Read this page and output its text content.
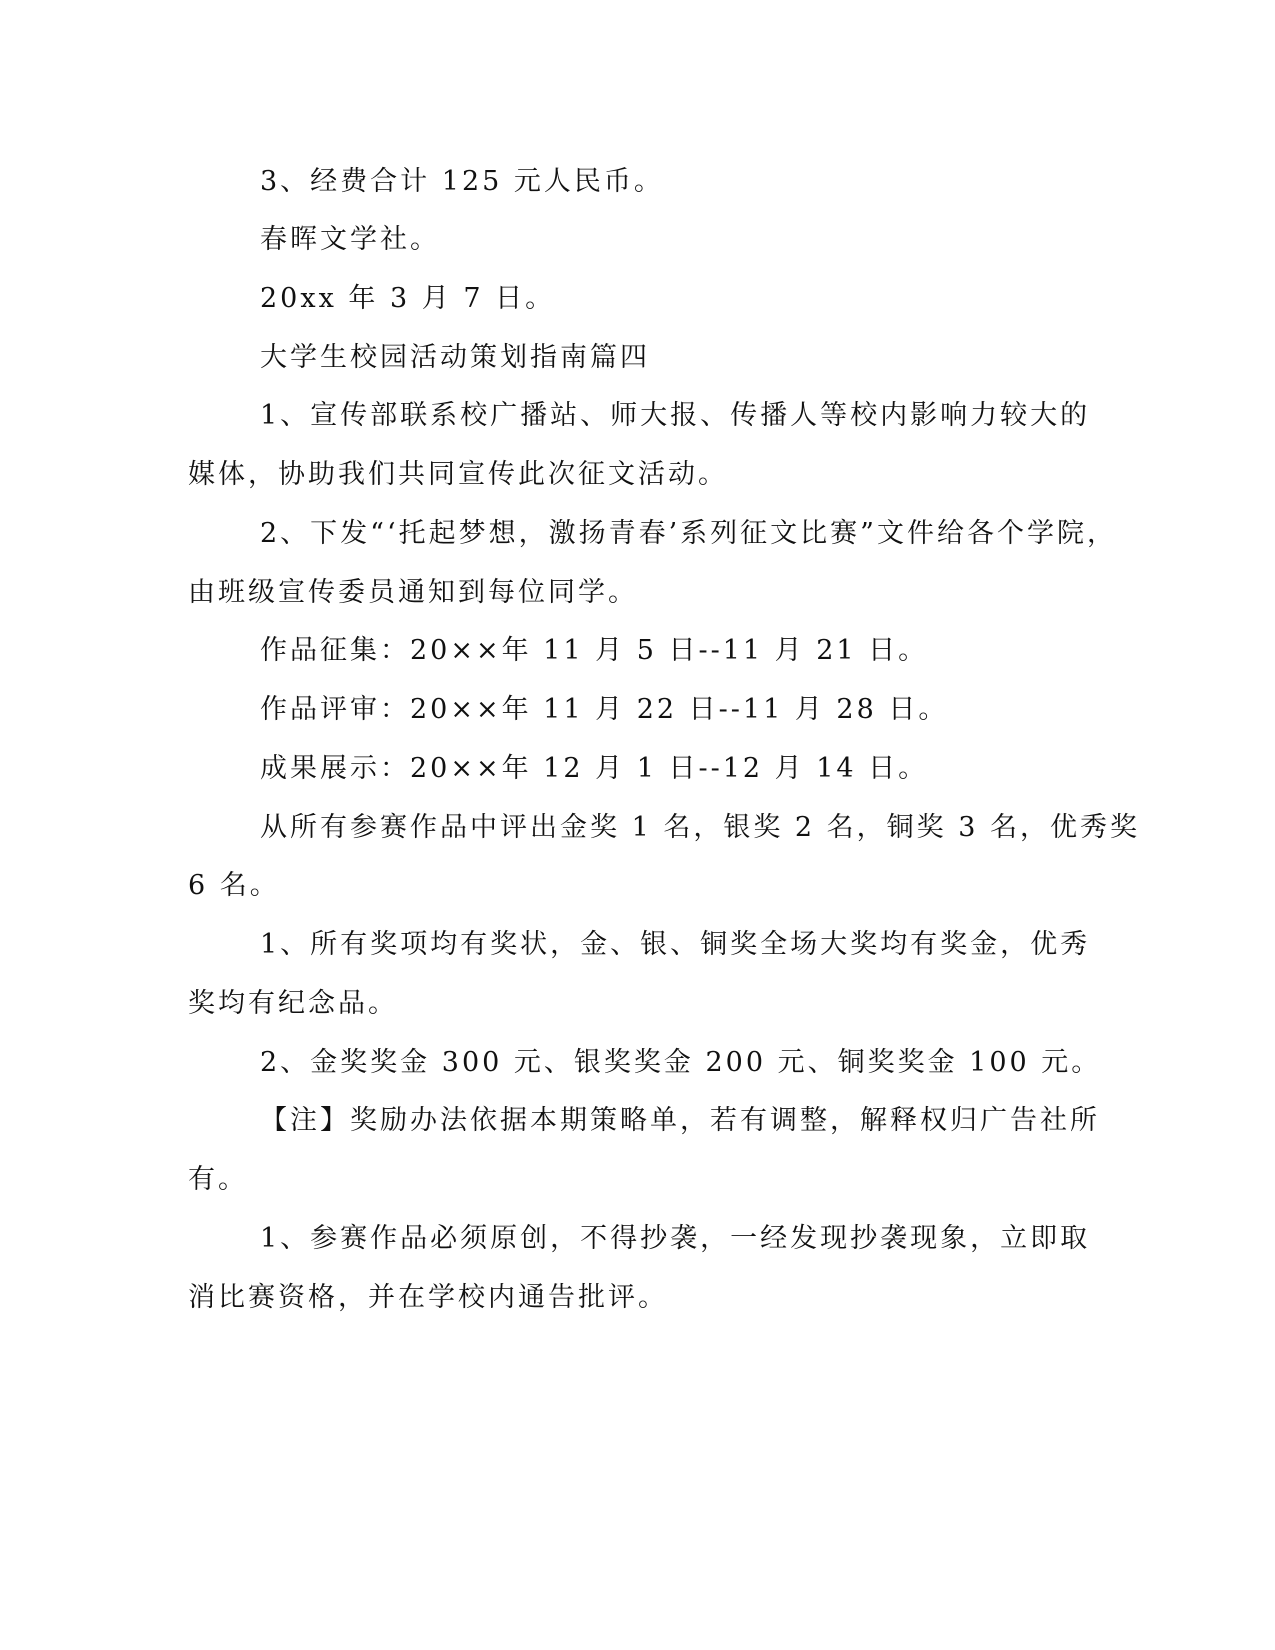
3、经费合计 125 元人民币。
春晖文学社。
20xx 年 3 月 7 日。
大学生校园活动策划指南篇四
1、宣传部联系校广播站、师大报、传播人等校内影响力较大的
媒体，协助我们共同宣传此次征文活动。
2、下发“‘托起梦想，激扬青春’系列征文比赛”文件给各个学院，
由班级宣传委员通知到每位同学。
作品征集：20××年 11 月 5 日--11 月 21 日。
作品评审：20××年 11 月 22 日--11 月 28 日。
成果展示：20××年 12 月 1 日--12 月 14 日。
从所有参赛作品中评出金奖 1 名，银奖 2 名，铜奖 3 名，优秀奖
6 名。
1、所有奖项均有奖状，金、银、铜奖全场大奖均有奖金，优秀
奖均有纪念品。
2、金奖奖金 300 元、银奖奖金 200 元、铜奖奖金 100 元。
【注】奖励办法依据本期策略单，若有调整，解释权归广告社所
有。
1、参赛作品必须原创，不得抄袭，一经发现抄袭现象，立即取
消比赛资格，并在学校内通告批评。
